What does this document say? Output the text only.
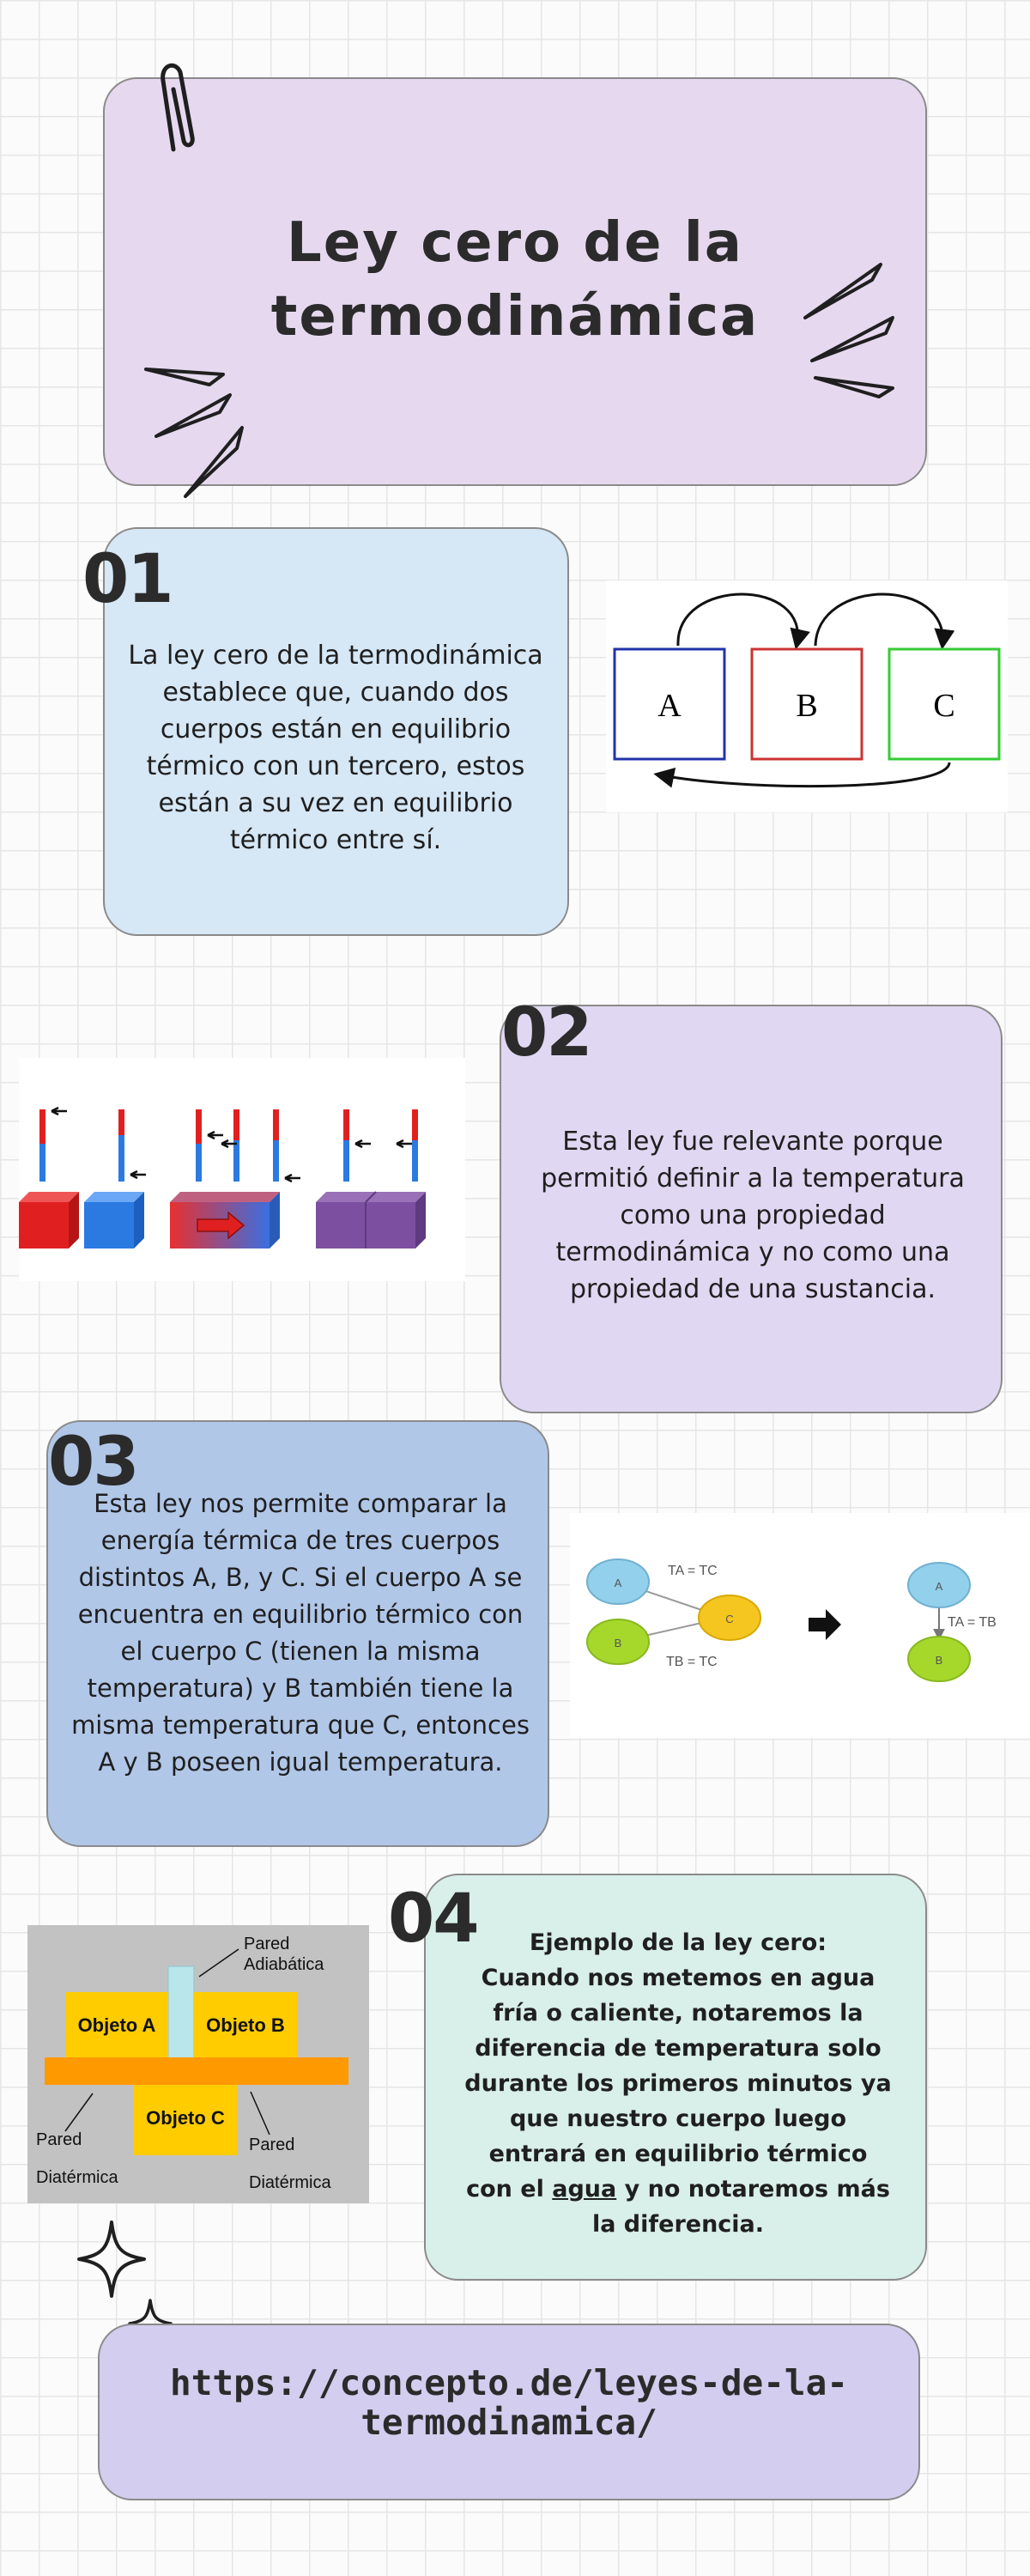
Ley cero de la termodinámica
01

La ley cero de la termodinámica establece que, cuando dos cuerpos están en equilibrio térmico con un tercero, estos están a su vez en equilibrio térmico entre sí.

A	B	C
02

Esta ley fue relevante porque permitió definir a la temperatura como una propiedad termodinámica y no como una propiedad de una sustancia.

03

Esta ley nos permite comparar la energía térmica de tres cuerpos distintos A, B, y C. Si el cuerpo A se encuentra en equilibrio térmico con el cuerpo C (tienen la misma temperatura) y B también tiene la misma temperatura que C, entonces A y B poseen igual temperatura.

A
B
C
TA = TC
TB = TC
A
B
TA = TB
04	Ejemplo de la ley cero:
Cuando nos metemos en agua fría o caliente, notaremos la diferencia de temperatura solo durante los primeros minutos ya que nuestro cuerpo luego entrará en equilibrio térmico con el agua y no notaremos más la diferencia.

Objeto A	Objeto B
Objeto C
Pared
Adiabática
Pared
Diatérmica
Pared
Diatérmica
https://concepto.de/leyes-de-la-
termodinamica/
